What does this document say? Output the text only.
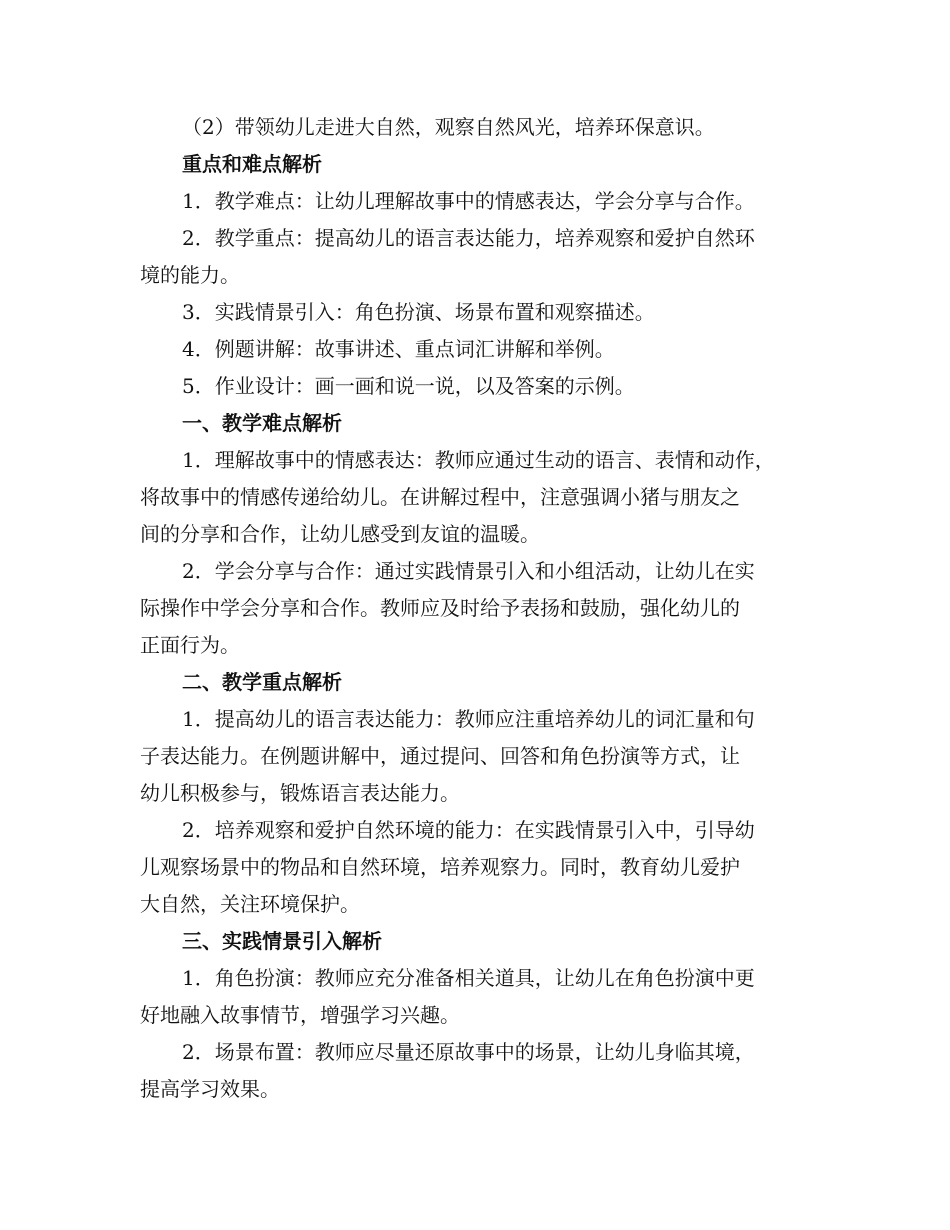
（2）带领幼儿走进大自然，观察自然风光，培养环保意识。

重点和难点解析

1．教学难点：让幼儿理解故事中的情感表达，学会分享与合作。

2．教学重点：提高幼儿的语言表达能力，培养观察和爱护自然环
境的能力。

3．实践情景引入：角色扮演、场景布置和观察描述。

4．例题讲解：故事讲述、重点词汇讲解和举例。

5．作业设计：画一画和说一说，以及答案的示例。

一、教学难点解析

1．理解故事中的情感表达：教师应通过生动的语言、表情和动作，
将故事中的情感传递给幼儿。在讲解过程中，注意强调小猪与朋友之
间的分享和合作，让幼儿感受到友谊的温暖。

2．学会分享与合作：通过实践情景引入和小组活动，让幼儿在实
际操作中学会分享和合作。教师应及时给予表扬和鼓励，强化幼儿的
正面行为。

二、教学重点解析

1．提高幼儿的语言表达能力：教师应注重培养幼儿的词汇量和句
子表达能力。在例题讲解中，通过提问、回答和角色扮演等方式，让
幼儿积极参与，锻炼语言表达能力。

2．培养观察和爱护自然环境的能力：在实践情景引入中，引导幼
儿观察场景中的物品和自然环境，培养观察力。同时，教育幼儿爱护
大自然，关注环境保护。

三、实践情景引入解析

1．角色扮演：教师应充分准备相关道具，让幼儿在角色扮演中更
好地融入故事情节，增强学习兴趣。

2．场景布置：教师应尽量还原故事中的场景，让幼儿身临其境，
提高学习效果。
